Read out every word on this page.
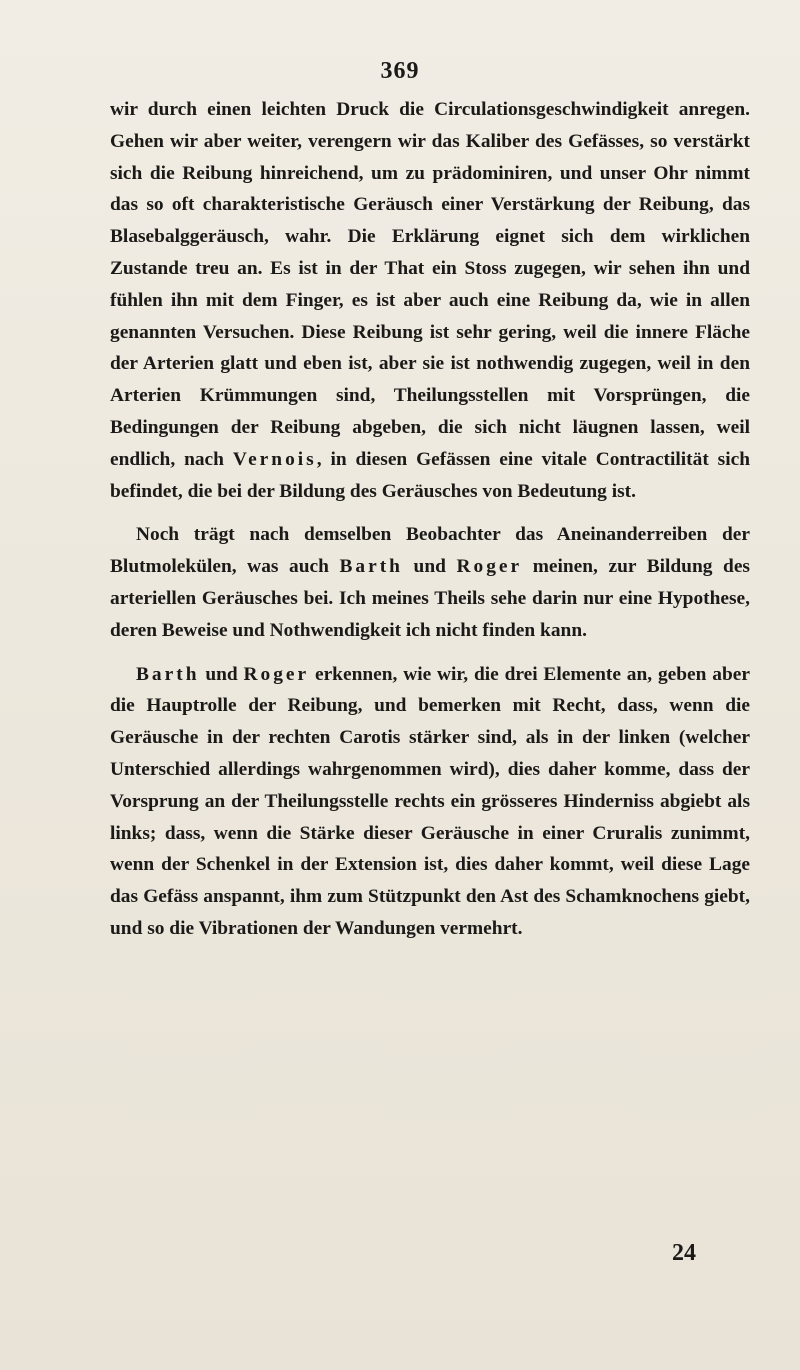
369

wir durch einen leichten Druck die Circulationsgeschwindigkeit anregen. Gehen wir aber weiter, verengern wir das Kaliber des Gefässes, so verstärkt sich die Reibung hinreichend, um zu prädominiren, und unser Ohr nimmt das so oft charakteristische Geräusch einer Verstärkung der Reibung, das Blasebalggeräusch, wahr. Die Erklärung eignet sich dem wirklichen Zustande treu an. Es ist in der That ein Stoss zugegen, wir sehen ihn und fühlen ihn mit dem Finger, es ist aber auch eine Reibung da, wie in allen genannten Versuchen. Diese Reibung ist sehr gering, weil die innere Fläche der Arterien glatt und eben ist, aber sie ist nothwendig zugegen, weil in den Arterien Krümmungen sind, Theilungsstellen mit Vorsprüngen, die Bedingungen der Reibung abgeben, die sich nicht läugnen lassen, weil endlich, nach Vernois, in diesen Gefässen eine vitale Contractilität sich befindet, die bei der Bildung des Geräusches von Bedeutung ist.

Noch trägt nach demselben Beobachter das Aneinanderreiben der Blutmolekülen, was auch Barth und Roger meinen, zur Bildung des arteriellen Geräusches bei. Ich meines Theils sehe darin nur eine Hypothese, deren Beweise und Nothwendigkeit ich nicht finden kann.

Barth und Roger erkennen, wie wir, die drei Elemente an, geben aber die Hauptrolle der Reibung, und bemerken mit Recht, dass, wenn die Geräusche in der rechten Carotis stärker sind, als in der linken (welcher Unterschied allerdings wahrgenommen wird), dies daher komme, dass der Vorsprung an der Theilungsstelle rechts ein grösseres Hinderniss abgiebt als links; dass, wenn die Stärke dieser Geräusche in einer Cruralis zunimmt, wenn der Schenkel in der Extension ist, dies daher kommt, weil diese Lage das Gefäss anspannt, ihm zum Stützpunkt den Ast des Schamknochens giebt, und so die Vibrationen der Wandungen vermehrt.

24
